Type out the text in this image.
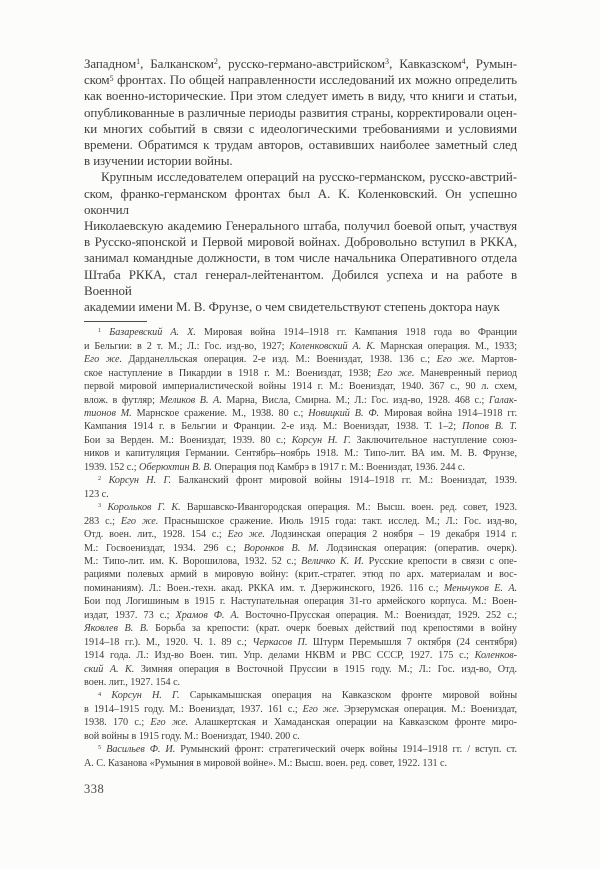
Западном$^1$, Балканском$^2$, русско-германо-австрийском$^3$, Кавказском$^4$, Румын-
ском$^5$ фронтах. По общей направленности исследований их можно определить
как военно-исторические. При этом следует иметь в виду, что книги и статьи,
опубликованные в различные периоды развития страны, корректировали оцен-
ки многих событий в связи с идеологическими требованиями и условиями
времени. Обратимся к трудам авторов, оставивших наиболее заметный след
в изучении истории войны.
Крупным исследователем операций на русско-германском, русско-австрий-
ском, франко-германском фронтах был А. К. Коленковский. Он успешно окончил
Николаевскую академию Генерального штаба, получил боевой опыт, участвуя
в Русско-японской и Первой мировой войнах. Добровольно вступил в РККА,
занимал командные должности, в том числе начальника Оперативного отдела
Штаба РККА, стал генерал-лейтенантом. Добился успеха и на работе в Военной
академии имени М. В. Фрунзе, о чем свидетельствуют степень доктора наук
$^1$ Базаревский А. Х. Мировая война 1914–1918 гг. Кампания 1918 года во Франции
и Бельгии: в 2 т. М.; Л.: Гос. изд-во, 1927; Коленковский А. К. Марнская операция. М., 1933;
Его же. Дарданелльская операция. 2-е изд. М.: Воениздат, 1938. 136 с.; Его же. Мартов-
ское наступление в Пикардии в 1918 г. М.: Воениздат, 1938; Его же. Маневренный период
первой мировой империалистической войны 1914 г. М.: Воениздат, 1940. 367 с., 90 л. схем,
влож. в футляр; Меликов В. А. Марна, Висла, Смирна. М.; Л.: Гос. изд-во, 1928. 468 с.; Галак-
тионов М. Марнское сражение. М., 1938. 80 с.; Новицкий В. Ф. Мировая война 1914–1918 гг.
Кампания 1914 г. в Бельгии и Франции. 2-е изд. М.: Воениздат, 1938. Т. 1–2; Попов В. Т.
Бои за Верден. М.: Воениздат, 1939. 80 с.; Корсун Н. Г. Заключительное наступление союз-
ников и капитуляция Германии. Сентябрь–ноябрь 1918. М.: Типо-лит. ВА им. М. В. Фрунзе,
1939. 152 с.; Оберюхтин В. В. Операция под Камбрэ в 1917 г. М.: Воениздат, 1936. 244 с.
$^2$ Корсун Н. Г. Балканский фронт мировой войны 1914–1918 гг. М.: Воениздат, 1939.
123 с.
$^3$ Корольков Г. К. Варшавско-Ивангородская операция. М.: Высш. воен. ред. совет, 1923.
283 с.; Его же. Праснышское сражение. Июль 1915 года: такт. исслед. М.; Л.: Гос. изд-во,
Отд. воен. лит., 1928. 154 с.; Его же. Лодзинская операция 2 ноября – 19 декабря 1914 г.
М.: Госвоениздат, 1934. 296 с.; Воронков В. М. Лодзинская операция: (оператив. очерк).
М.: Типо-лит. им. К. Ворошилова, 1932. 52 с.; Величко К. И. Русские крепости в связи с опе-
рациями полевых армий в мировую войну: (крит.-стратег. этюд по арх. материалам и вос-
поминаниям). Л.: Воен.-техн. акад. РККА им. т. Дзержинского, 1926. 116 с.; Меньчуков Е. А.
Бои под Логишиным в 1915 г. Наступательная операция 31-го армейского корпуса. М.: Воен-
издат, 1937. 73 с.; Храмов Ф. А. Восточно-Прусская операция. М.: Воениздат, 1929. 252 с.;
Яковлев В. В. Борьба за крепости: (крат. очерк боевых действий под крепостями в войну
1914–18 гг.). М., 1920. Ч. 1. 89 с.; Черкасов П. Штурм Перемышля 7 октября (24 сентября)
1914 года. Л.: Изд-во Воен. тип. Упр. делами НКВМ и РВС СССР, 1927. 175 с.; Коленков-
ский А. К. Зимняя операция в Восточной Пруссии в 1915 году. М.; Л.: Гос. изд-во, Отд.
воен. лит., 1927. 154 с.
$^4$ Корсун Н. Г. Сарыкамышская операция на Кавказском фронте мировой войны
в 1914–1915 году. М.: Воениздат, 1937. 161 с.; Его же. Эрзерумская операция. М.: Воениздат,
1938. 170 с.; Его же. Алашкертская и Хамаданская операции на Кавказском фронте миро-
вой войны в 1915 году. М.: Воениздат, 1940. 200 с.
$^5$ Васильев Ф. И. Румынский фронт: стратегический очерк войны 1914–1918 гг. / вступ. ст.
А. С. Казанова «Румыния в мировой войне». М.: Высш. воен. ред. совет, 1922. 131 с.
338
